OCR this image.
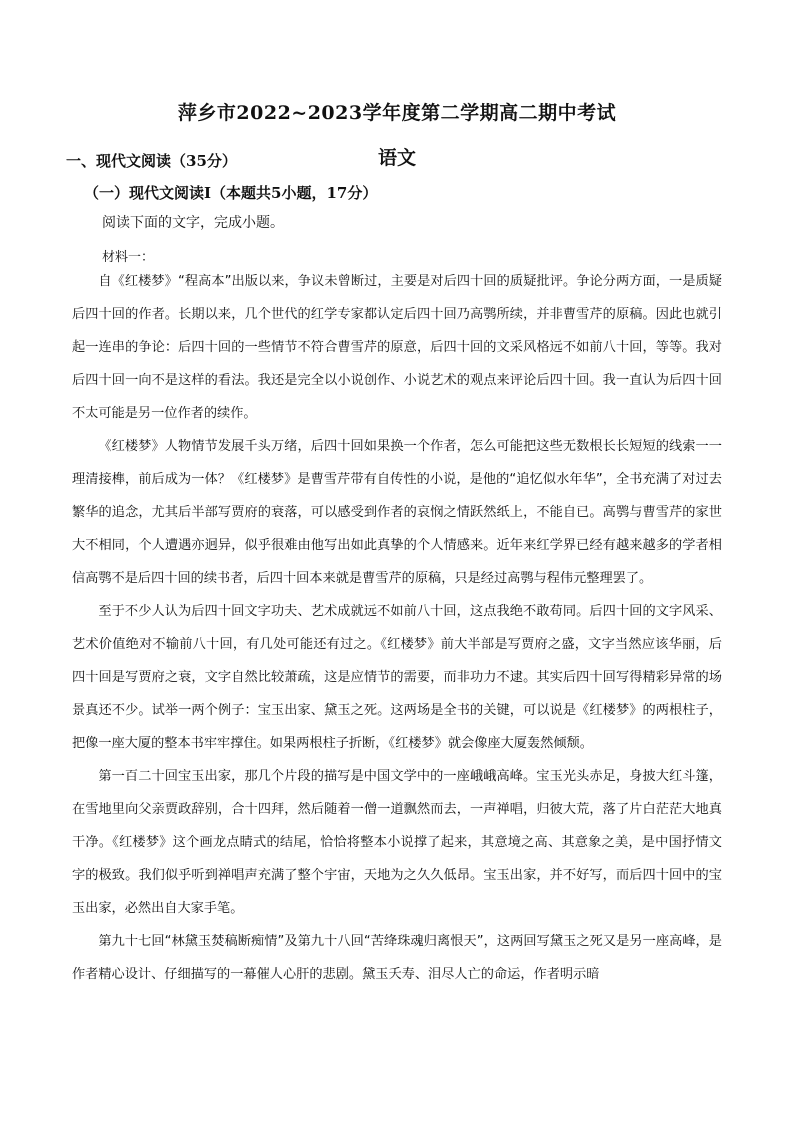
萍乡市2022~2023学年度第二学期高二期中考试
语文
一、现代文阅读（35分）
（一）现代文阅读Ⅰ（本题共5小题，17分）
阅读下面的文字，完成小题。
材料一：

自《红楼梦》“程高本”出版以来，争议未曾断过，主要是对后四十回的质疑批评。争论分两方面，一是质疑后四十回的作者。长期以来，几个世代的红学专家都认定后四十回乃高鹗所续，并非曹雪芹的原稿。因此也就引起一连串的争论：后四十回的一些情节不符合曹雪芹的原意，后四十回的文采风格远不如前八十回，等等。我对后四十回一向不是这样的看法。我还是完全以小说创作、小说艺术的观点来评论后四十回。我一直认为后四十回不太可能是另一位作者的续作。

《红楼梦》人物情节发展千头万绪，后四十回如果换一个作者，怎么可能把这些无数根长长短短的线索一一理清接榫，前后成为一体？《红楼梦》是曹雪芹带有自传性的小说，是他的“追忆似水年华”，全书充满了对过去繁华的追念，尤其后半部写贾府的衰落，可以感受到作者的哀悯之情跃然纸上，不能自已。高鹗与曹雪芹的家世大不相同，个人遭遇亦迥异，似乎很难由他写出如此真挚的个人情感来。近年来红学界已经有越来越多的学者相信高鹗不是后四十回的续书者，后四十回本来就是曹雪芹的原稿，只是经过高鹗与程伟元整理罢了。

至于不少人认为后四十回文字功夫、艺术成就远不如前八十回，这点我绝不敢苟同。后四十回的文字风采、艺术价值绝对不输前八十回，有几处可能还有过之。《红楼梦》前大半部是写贾府之盛，文字当然应该华丽，后四十回是写贾府之衰，文字自然比较萧疏，这是应情节的需要，而非功力不逮。其实后四十回写得精彩异常的场景真还不少。试举一两个例子：宝玉出家、黛玉之死。这两场是全书的关键，可以说是《红楼梦》的两根柱子，把像一座大厦的整本书牢牢撑住。如果两根柱子折断，《红楼梦》就会像座大厦轰然倾颓。

第一百二十回宝玉出家，那几个片段的描写是中国文学中的一座峨峨高峰。宝玉光头赤足，身披大红斗篷，在雪地里向父亲贾政辞别，合十四拜，然后随着一僧一道飘然而去，一声禅唱，归彼大荒，落了片白茫茫大地真干净。《红楼梦》这个画龙点睛式的结尾，恰恰将整本小说撑了起来，其意境之高、其意象之美，是中国抒情文字的极致。我们似乎听到禅唱声充满了整个宇宙，天地为之久久低昂。宝玉出家，并不好写，而后四十回中的宝玉出家，必然出自大家手笔。

第九十七回“林黛玉焚稿断痴情”及第九十八回“苦绛珠魂归离恨天”，这两回写黛玉之死又是另一座高峰，是作者精心设计、仔细描写的一幕催人心肝的悲剧。黛玉夭寿、泪尽人亡的命运，作者明示暗
